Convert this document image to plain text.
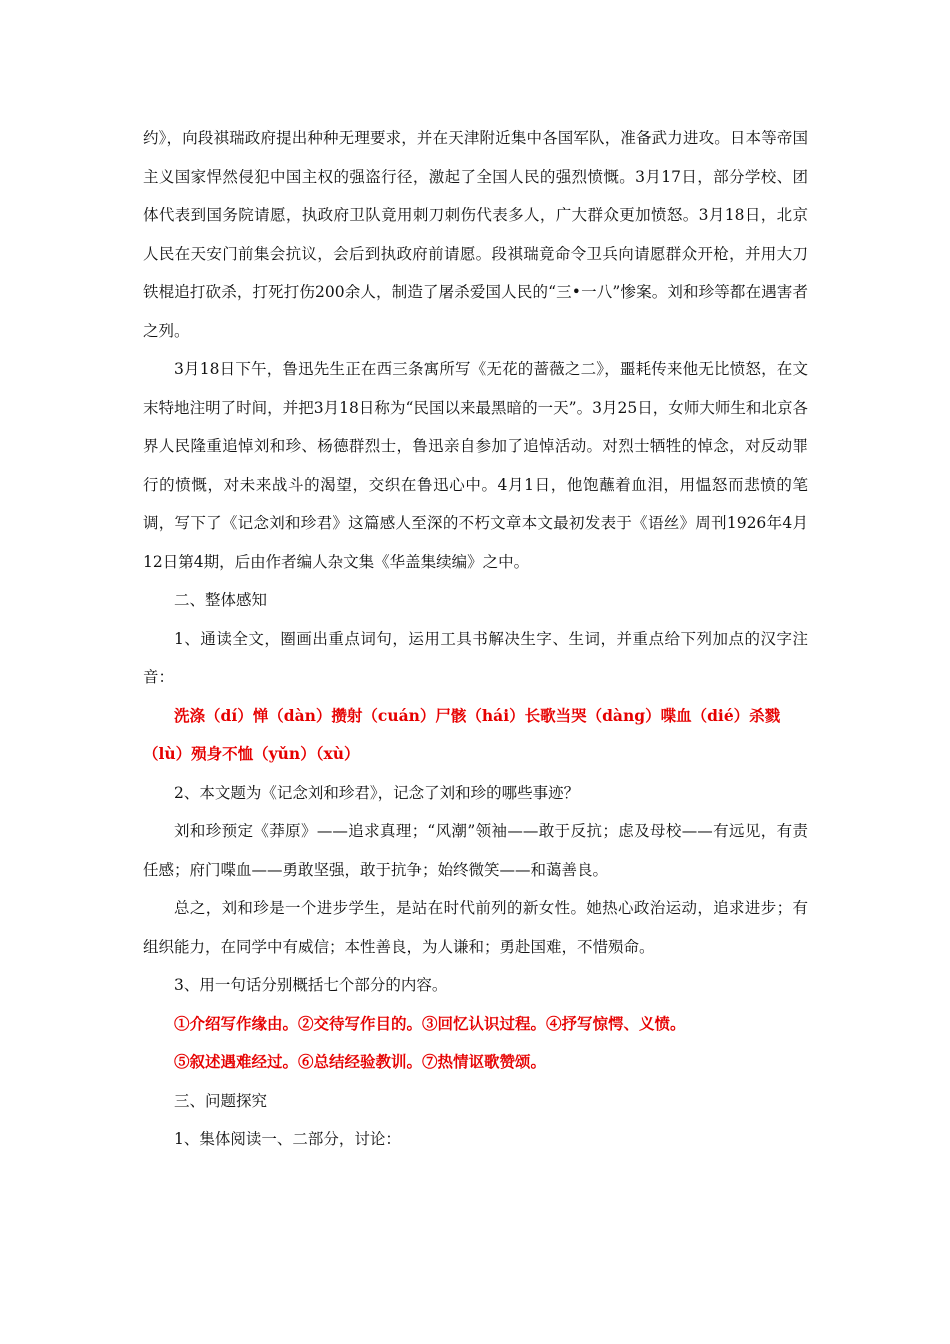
约》，向段祺瑞政府提出种种无理要求，并在天津附近集中各国军队，准备武力进攻。日本等帝国主义国家悍然侵犯中国主权的强盗行径，激起了全国人民的强烈愤慨。3月17日，部分学校、团体代表到国务院请愿，执政府卫队竟用刺刀刺伤代表多人，广大群众更加愤怒。3月18日，北京人民在天安门前集会抗议，会后到执政府前请愿。段祺瑞竟命令卫兵向请愿群众开枪，并用大刀铁棍追打砍杀，打死打伤200余人，制造了屠杀爱国人民的“三•一八”惨案。刘和珍等都在遇害者之列。

3月18日下午，鲁迅先生正在西三条寓所写《无花的蔷薇之二》，噩耗传来他无比愤怒，在文末特地注明了时间，并把3月18日称为“民国以来最黑暗的一天”。3月25日，女师大师生和北京各界人民隆重追悼刘和珍、杨德群烈士，鲁迅亲自参加了追悼活动。对烈士牺牲的悼念，对反动罪行的愤慨，对未来战斗的渴望，交织在鲁迅心中。4月1日，他饱蘸着血泪，用愠怒而悲愤的笔调，写下了《记念刘和珍君》这篇感人至深的不朽文章本文最初发表于《语丝》周刊1926年4月12日第4期，后由作者编人杂文集《华盖集续编》之中。

二、整体感知

1、通读全文，圈画出重点词句，运用工具书解决生字、生词，并重点给下列加点的汉字注音：

洗涤（dí）惮（dàn）攒射（cuán）尸骸（hái）长歌当哭（dàng）喋血（dié）杀戮（lù）殒身不恤（yǔn）（xù）

2、本文题为《记念刘和珍君》，记念了刘和珍的哪些事迹？

刘和珍预定《莽原》——追求真理；“风潮”领袖——敢于反抗；虑及母校——有远见，有责任感；府门喋血——勇敢坚强，敢于抗争；始终微笑——和蔼善良。

总之，刘和珍是一个进步学生，是站在时代前列的新女性。她热心政治运动，追求进步；有组织能力，在同学中有威信；本性善良，为人谦和；勇赴国难，不惜殒命。

3、用一句话分别概括七个部分的内容。

①介绍写作缘由。②交待写作目的。③回忆认识过程。④抒写惊愕、义愤。

⑤叙述遇难经过。⑥总结经验教训。⑦热情讴歌赞颂。

三、问题探究

1、集体阅读一、二部分，讨论：
